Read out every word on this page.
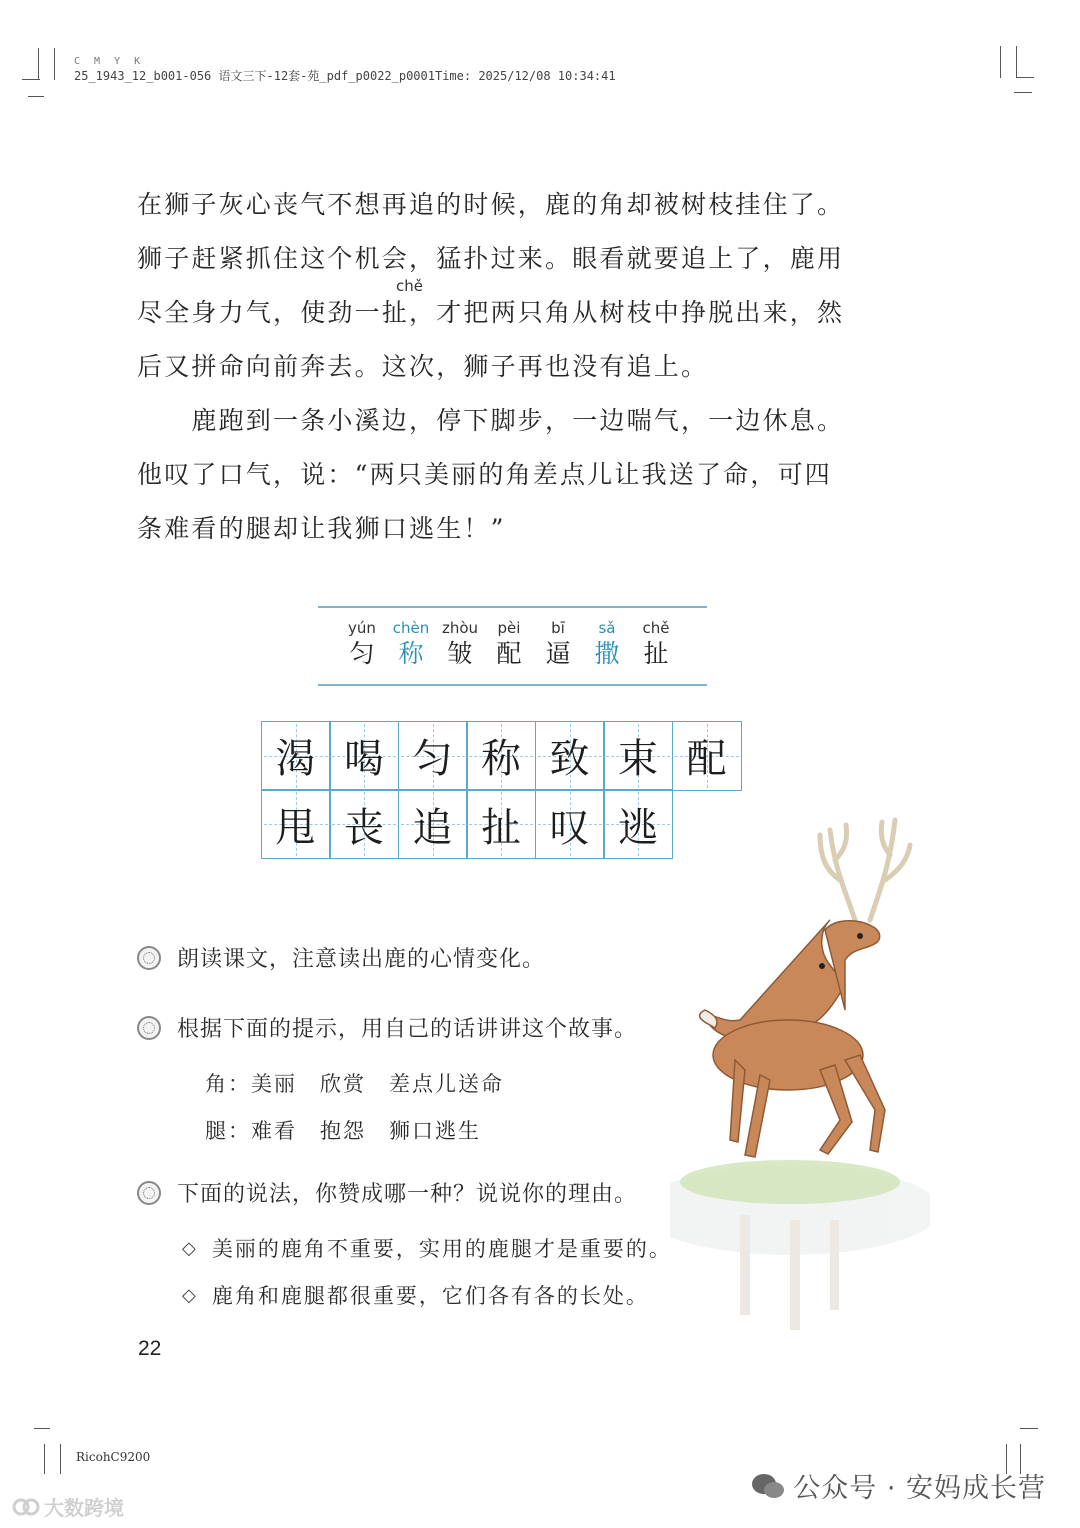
C M Y K
25_1943_12_b001-056 语文三下-12套-苑_pdf_p0022_p0001Time: 2025/12/08 10:34:41
在狮子灰心丧气不想再追的时候，鹿的角却被树枝挂住了。
狮子赶紧抓住这个机会，猛扑过来。眼看就要追上了，鹿用
尽全身力气，使劲一扯，才把两只角从树枝中挣脱出来，然
后又拼命向前奔去。这次，狮子再也没有追上。
　　鹿跑到一条小溪边，停下脚步，一边喘气，一边休息。
他叹了口气，说：“两只美丽的角差点儿让我送了命，可四
条难看的腿却让我狮口逃生！”
chě
yún
匀
chèn
称
zhòu
皱
pèi
配
bī
逼
sǎ
撒
chě
扯
渴 喝 匀 称 致 束 配
甩 丧 追 扯 叹 逃
朗读课文，注意读出鹿的心情变化。
根据下面的提示，用自己的话讲讲这个故事。
角：美丽　欣赏　差点儿送命
腿：难看　抱怨　狮口逃生
下面的说法，你赞成哪一种？说说你的理由。
◇ 美丽的鹿角不重要，实用的鹿腿才是重要的。
◇ 鹿角和鹿腿都很重要，它们各有各的长处。
22
RicohC9200
公众号 · 安妈成长营
大数跨境
